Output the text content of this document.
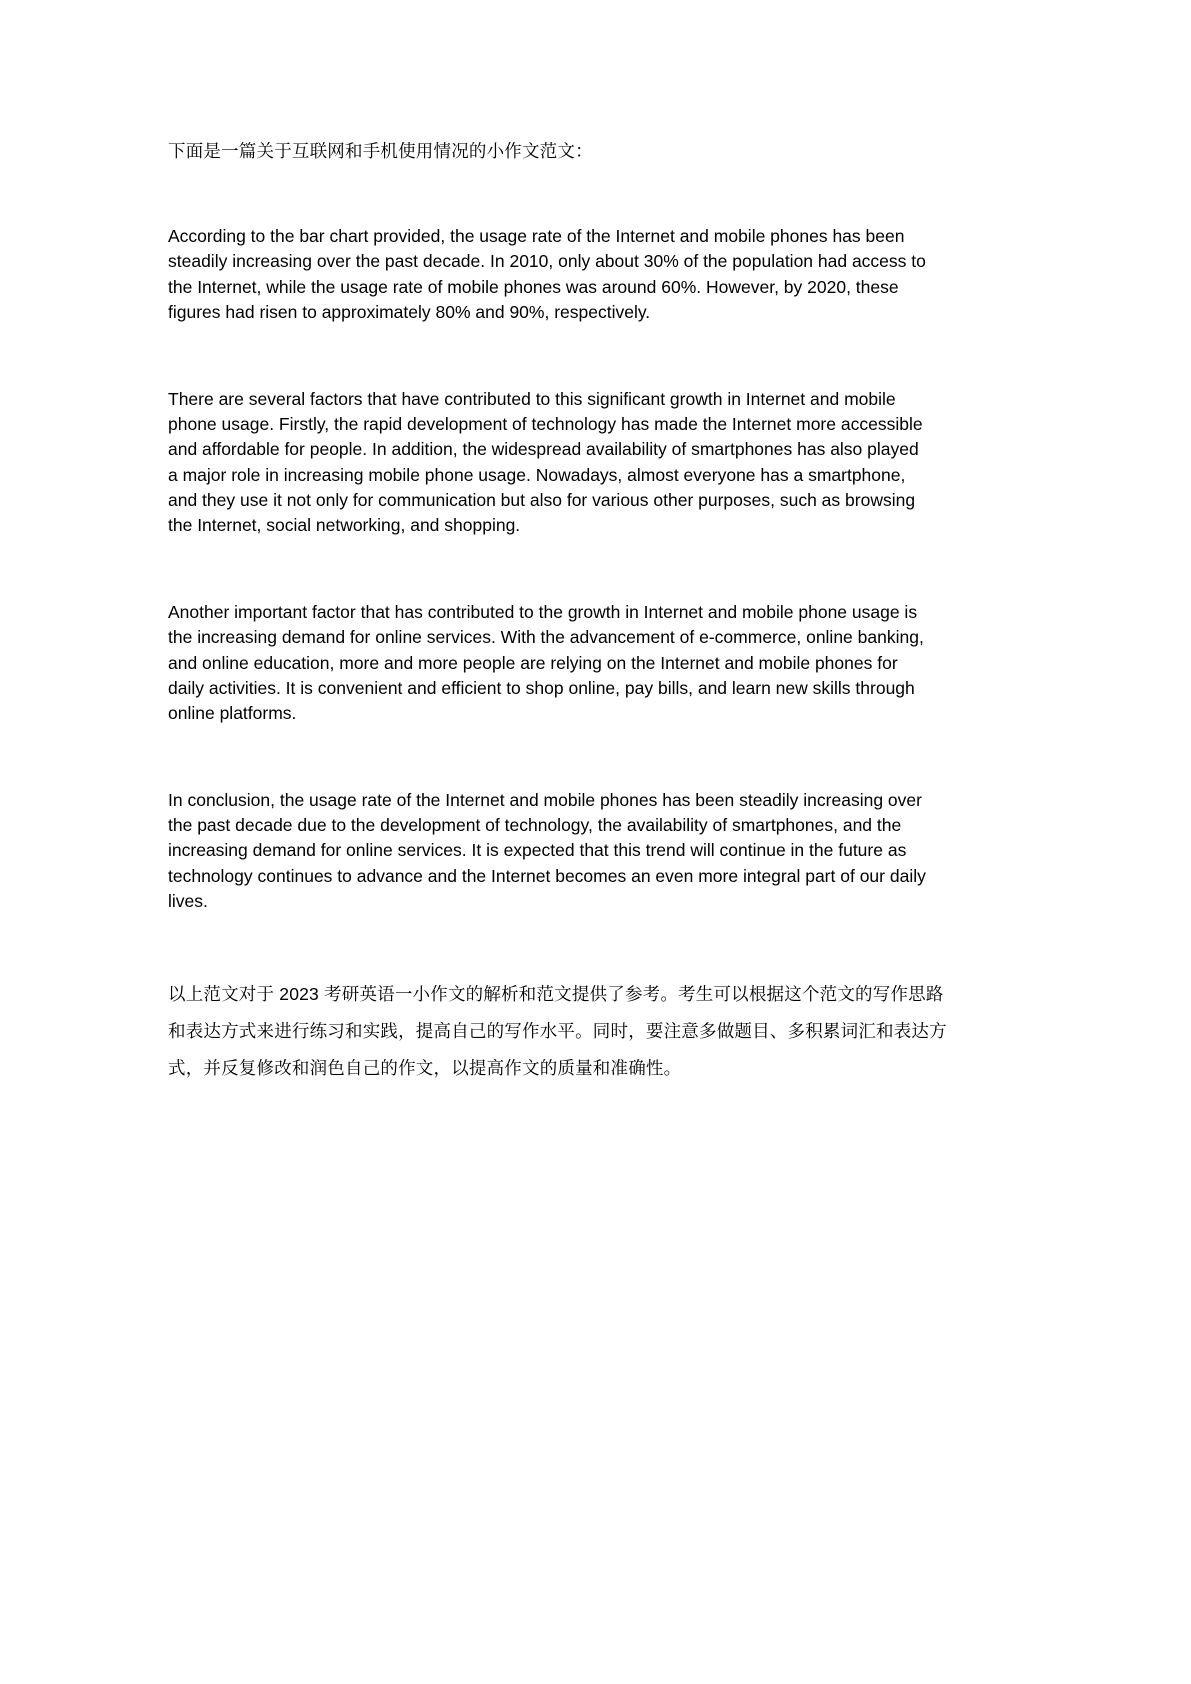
下面是一篇关于互联网和手机使用情况的小作文范文：

According to the bar chart provided, the usage rate of the Internet and mobile phones has been steadily increasing over the past decade. In 2010, only about 30% of the population had access to the Internet, while the usage rate of mobile phones was around 60%. However, by 2020, these figures had risen to approximately 80% and 90%, respectively.

There are several factors that have contributed to this significant growth in Internet and mobile phone usage. Firstly, the rapid development of technology has made the Internet more accessible and affordable for people. In addition, the widespread availability of smartphones has also played a major role in increasing mobile phone usage. Nowadays, almost everyone has a smartphone, and they use it not only for communication but also for various other purposes, such as browsing the Internet, social networking, and shopping.

Another important factor that has contributed to the growth in Internet and mobile phone usage is the increasing demand for online services. With the advancement of e-commerce, online banking, and online education, more and more people are relying on the Internet and mobile phones for daily activities. It is convenient and efficient to shop online, pay bills, and learn new skills through online platforms.

In conclusion, the usage rate of the Internet and mobile phones has been steadily increasing over the past decade due to the development of technology, the availability of smartphones, and the increasing demand for online services. It is expected that this trend will continue in the future as technology continues to advance and the Internet becomes an even more integral part of our daily lives.

以上范文对于 2023 考研英语一小作文的解析和范文提供了参考。考生可以根据这个范文的写作思路和表达方式来进行练习和实践，提高自己的写作水平。同时，要注意多做题目、多积累词汇和表达方式，并反复修改和润色自己的作文，以提高作文的质量和准确性。
